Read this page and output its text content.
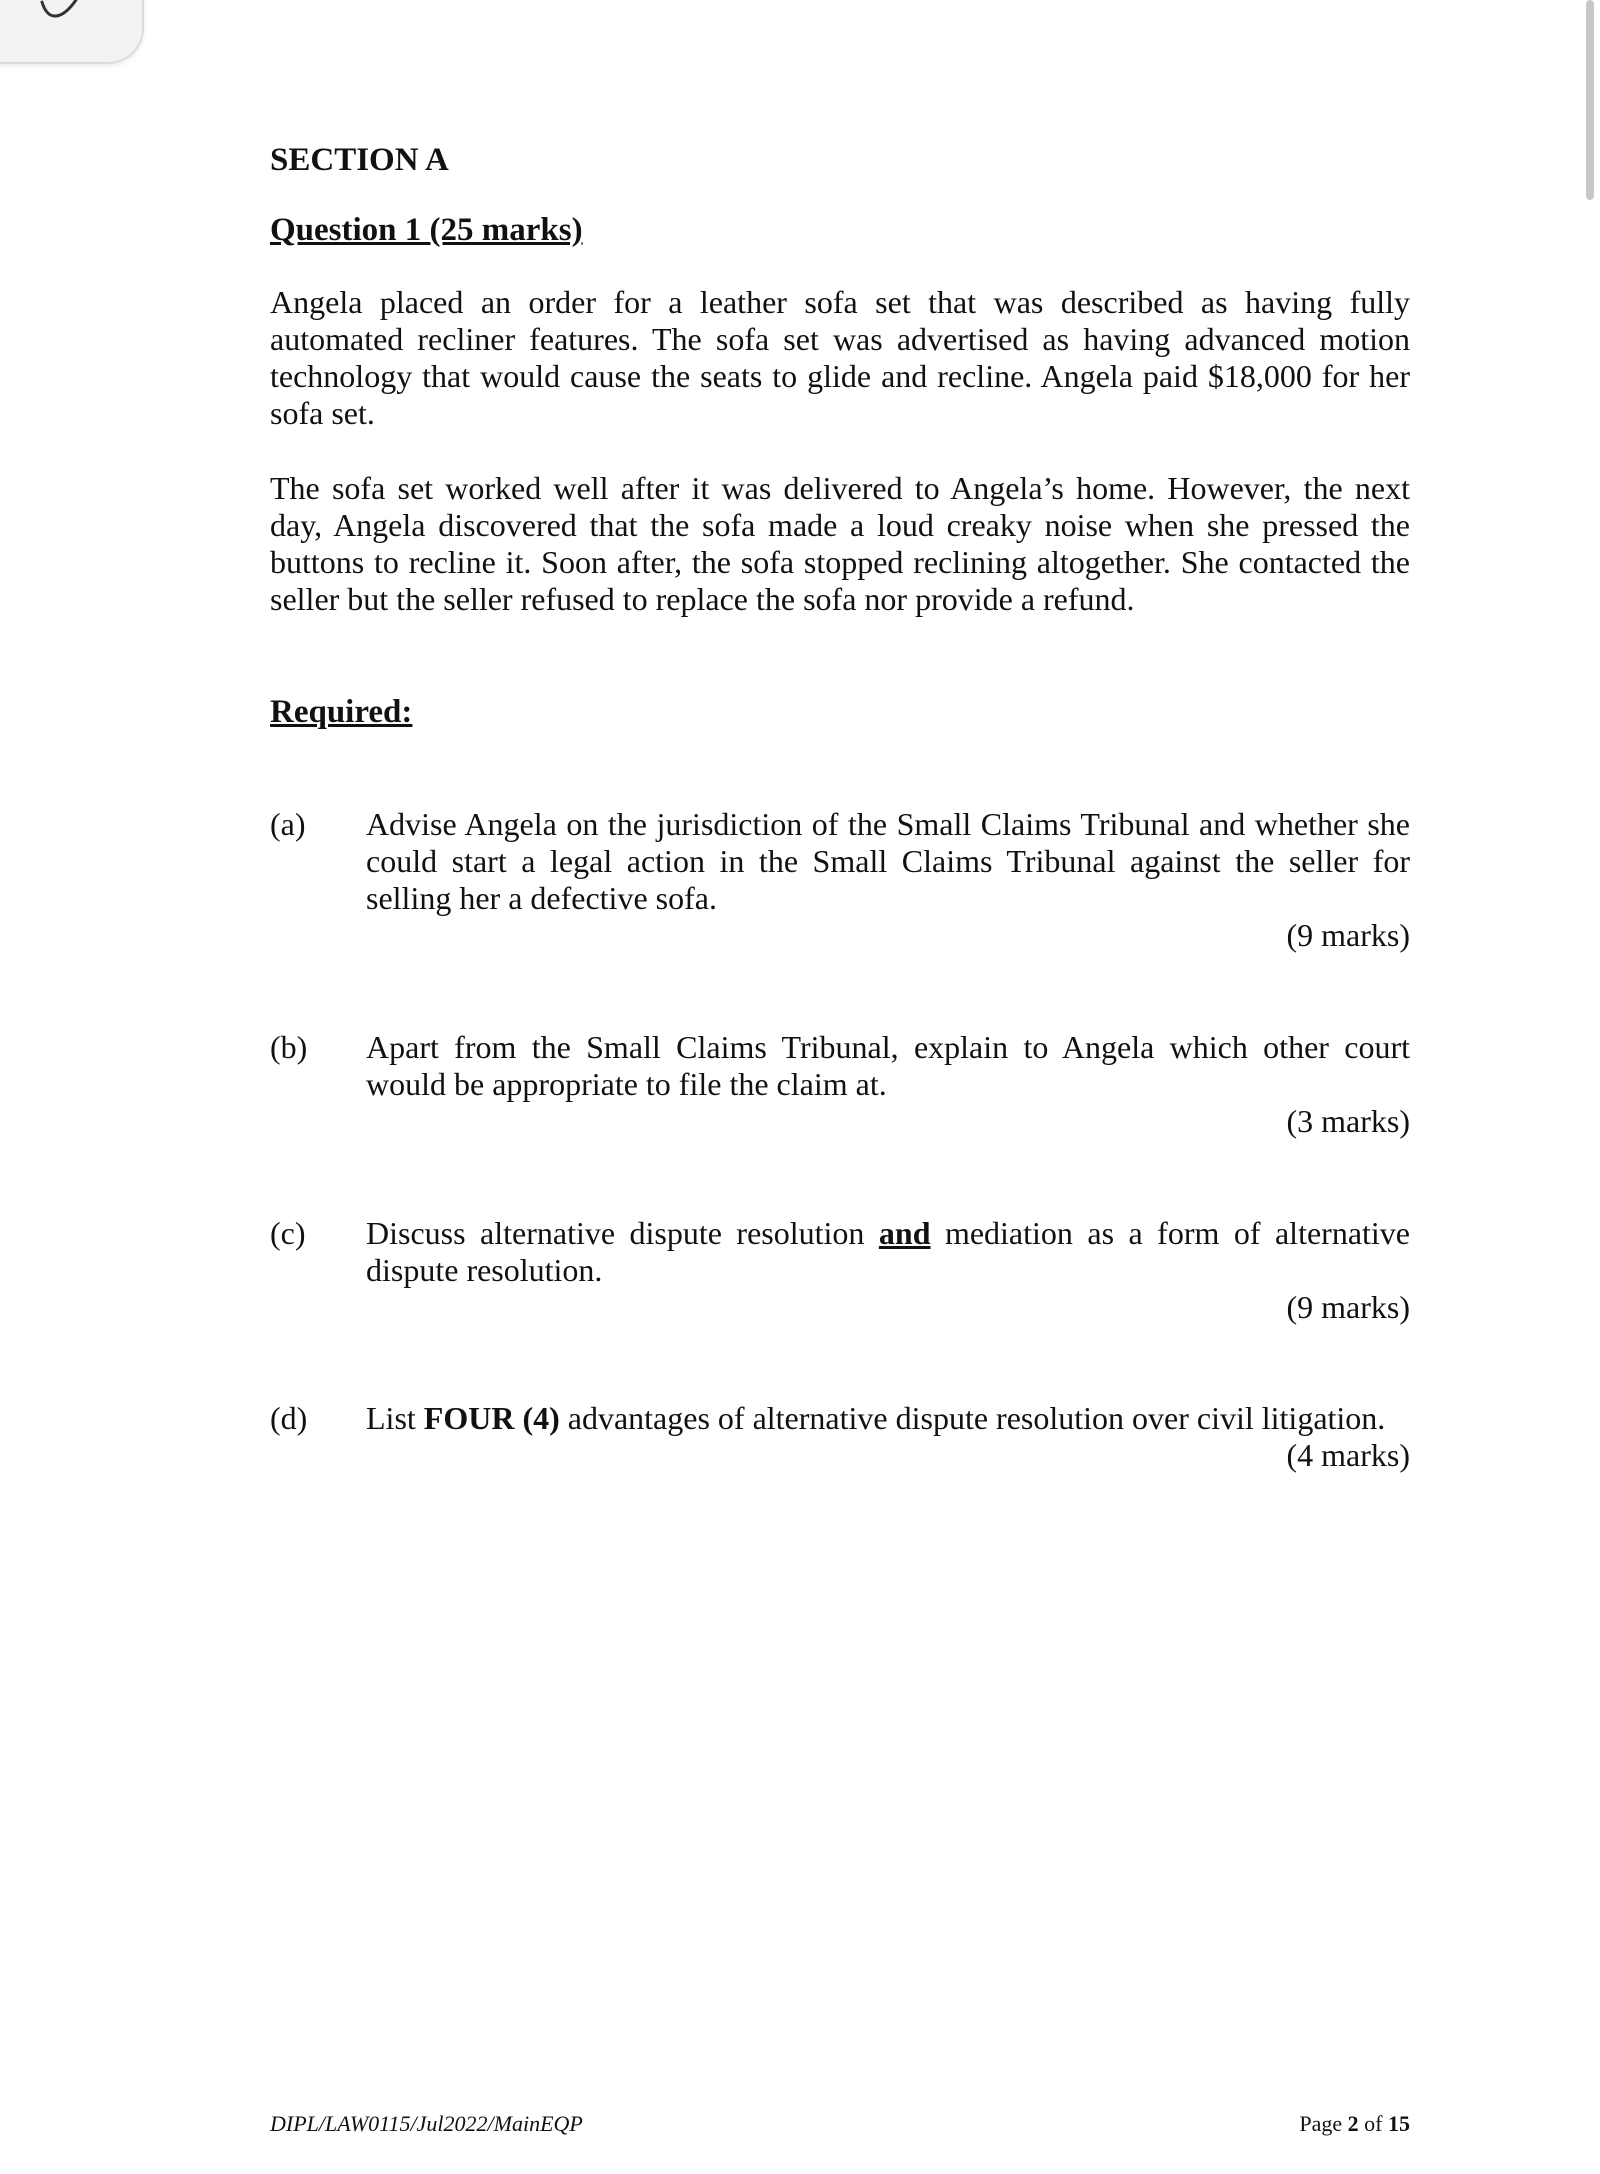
SECTION A
Question 1 (25 marks)

Angela placed an order for a leather sofa set that was described as having fully automated recliner features. The sofa set was advertised as having advanced motion technology that would cause the seats to glide and recline. Angela paid $18,000 for her sofa set.

The sofa set worked well after it was delivered to Angela’s home. However, the next day, Angela discovered that the sofa made a loud creaky noise when she pressed the buttons to recline it. Soon after, the sofa stopped reclining altogether. She contacted the seller but the seller refused to replace the sofa nor provide a refund.

Required:
(a) Advise Angela on the jurisdiction of the Small Claims Tribunal and whether she could start a legal action in the Small Claims Tribunal against the seller for selling her a defective sofa.
(9 marks)
(b) Apart from the Small Claims Tribunal, explain to Angela which other court would be appropriate to file the claim at.
(3 marks)
(c) Discuss alternative dispute resolution and mediation as a form of alternative dispute resolution.
(9 marks)
(d) List FOUR (4) advantages of alternative dispute resolution over civil litigation.
(4 marks)
DIPL/LAW0115/Jul2022/MainEQP	Page 2 of 15
